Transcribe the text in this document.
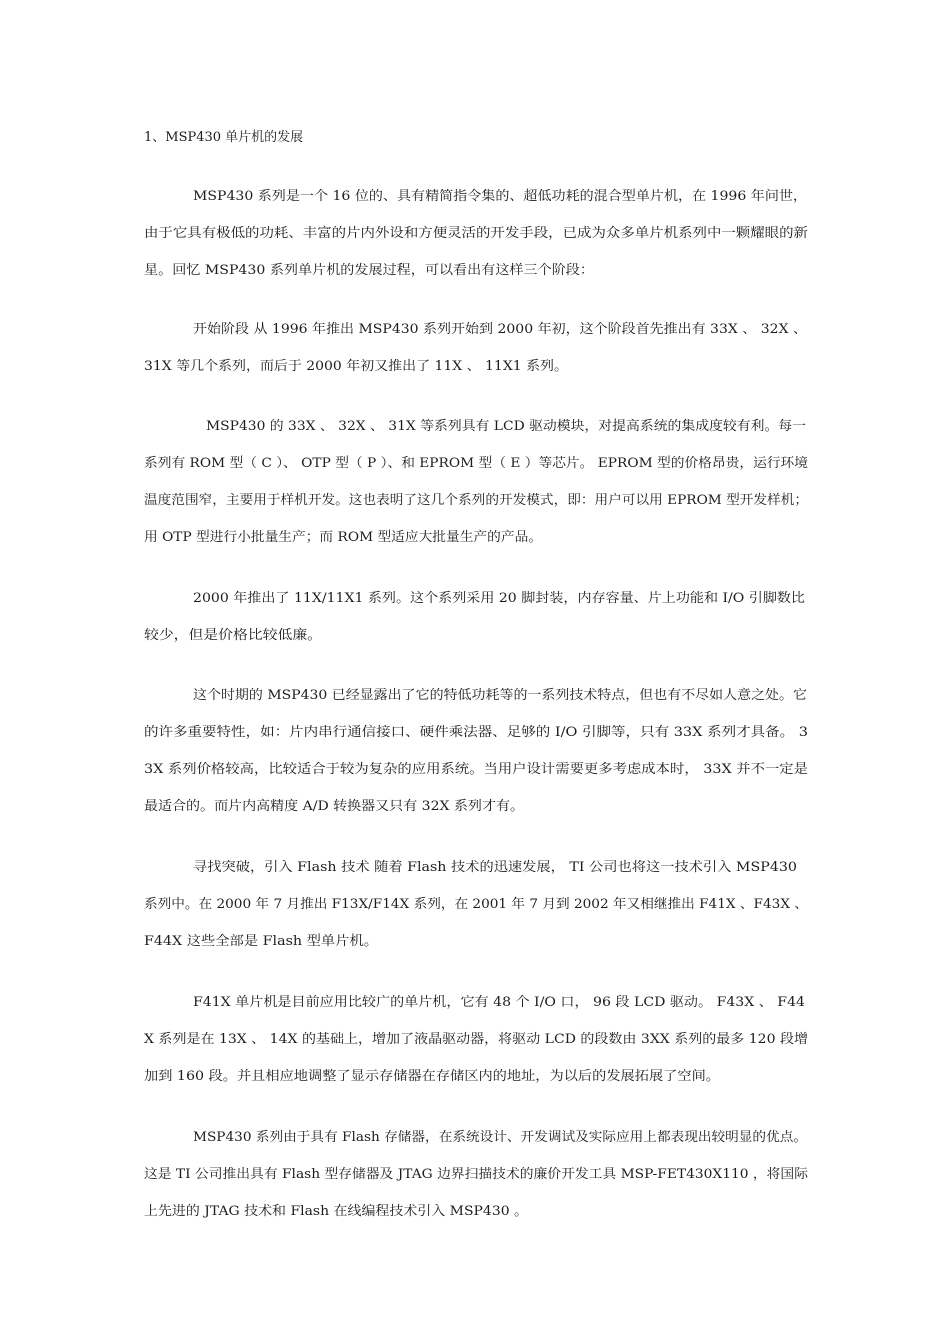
1、MSP430 单片机的发展
MSP430 系列是一个 16 位的、具有精简指令集的、超低功耗的混合型单片机，在 1996 年问世，
由于它具有极低的功耗、丰富的片内外设和方便灵活的开发手段，已成为众多单片机系列中一颗耀眼的新
星。回忆 MSP430 系列单片机的发展过程，可以看出有这样三个阶段：
开始阶段 从 1996 年推出 MSP430 系列开始到 2000 年初，这个阶段首先推出有 33X 、 32X 、
31X 等几个系列，而后于 2000 年初又推出了 11X 、 11X1 系列。
MSP430 的 33X 、 32X 、 31X 等系列具有 LCD 驱动模块，对提高系统的集成度较有利。每一
系列有 ROM 型（ C ）、 OTP 型（ P ）、和 EPROM 型（ E ）等芯片。 EPROM 型的价格昂贵，运行环境
温度范围窄，主要用于样机开发。这也表明了这几个系列的开发模式，即：用户可以用 EPROM 型开发样机；
用 OTP 型进行小批量生产；而 ROM 型适应大批量生产的产品。
2000 年推出了 11X/11X1 系列。这个系列采用 20 脚封装，内存容量、片上功能和 I/O 引脚数比
较少，但是价格比较低廉。
这个时期的 MSP430 已经显露出了它的特低功耗等的一系列技术特点，但也有不尽如人意之处。它
的许多重要特性，如：片内串行通信接口、硬件乘法器、足够的 I/O 引脚等，只有 33X 系列才具备。 3
3X 系列价格较高，比较适合于较为复杂的应用系统。当用户设计需要更多考虑成本时， 33X 并不一定是
最适合的。而片内高精度 A/D 转换器又只有 32X 系列才有。
寻找突破，引入 Flash 技术 随着 Flash 技术的迅速发展， TI 公司也将这一技术引入 MSP430
系列中。在 2000 年 7 月推出 F13X/F14X 系列，在 2001 年 7 月到 2002 年又相继推出 F41X 、F43X 、
F44X 这些全部是 Flash 型单片机。
F41X 单片机是目前应用比较广的单片机，它有 48 个 I/O 口， 96 段 LCD 驱动。 F43X 、 F44
X 系列是在 13X 、 14X 的基础上，增加了液晶驱动器，将驱动 LCD 的段数由 3XX 系列的最多 120 段增
加到 160 段。并且相应地调整了显示存储器在存储区内的地址，为以后的发展拓展了空间。
MSP430 系列由于具有 Flash 存储器，在系统设计、开发调试及实际应用上都表现出较明显的优点。
这是 TI 公司推出具有 Flash 型存储器及 JTAG 边界扫描技术的廉价开发工具 MSP-FET430X110 ，将国际
上先进的 JTAG 技术和 Flash 在线编程技术引入 MSP430 。
